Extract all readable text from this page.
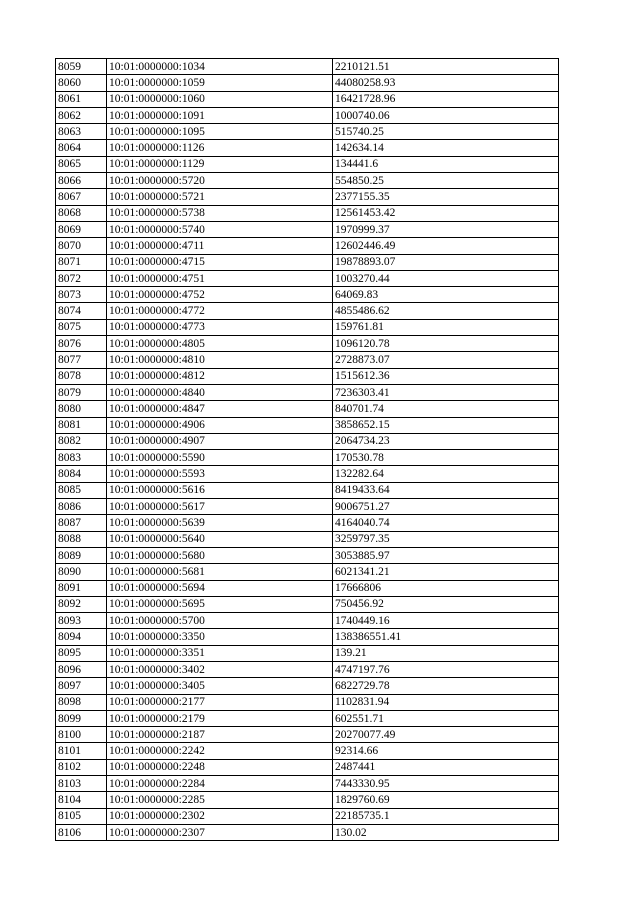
8059	10:01:0000000:1034	2210121.51
8060	10:01:0000000:1059	44080258.93
8061	10:01:0000000:1060	16421728.96
8062	10:01:0000000:1091	1000740.06
8063	10:01:0000000:1095	515740.25
8064	10:01:0000000:1126	142634.14
8065	10:01:0000000:1129	134441.6
8066	10:01:0000000:5720	554850.25
8067	10:01:0000000:5721	2377155.35
8068	10:01:0000000:5738	12561453.42
8069	10:01:0000000:5740	1970999.37
8070	10:01:0000000:4711	12602446.49
8071	10:01:0000000:4715	19878893.07
8072	10:01:0000000:4751	1003270.44
8073	10:01:0000000:4752	64069.83
8074	10:01:0000000:4772	4855486.62
8075	10:01:0000000:4773	159761.81
8076	10:01:0000000:4805	1096120.78
8077	10:01:0000000:4810	2728873.07
8078	10:01:0000000:4812	1515612.36
8079	10:01:0000000:4840	7236303.41
8080	10:01:0000000:4847	840701.74
8081	10:01:0000000:4906	3858652.15
8082	10:01:0000000:4907	2064734.23
8083	10:01:0000000:5590	170530.78
8084	10:01:0000000:5593	132282.64
8085	10:01:0000000:5616	8419433.64
8086	10:01:0000000:5617	9006751.27
8087	10:01:0000000:5639	4164040.74
8088	10:01:0000000:5640	3259797.35
8089	10:01:0000000:5680	3053885.97
8090	10:01:0000000:5681	6021341.21
8091	10:01:0000000:5694	17666806
8092	10:01:0000000:5695	750456.92
8093	10:01:0000000:5700	1740449.16
8094	10:01:0000000:3350	138386551.41
8095	10:01:0000000:3351	139.21
8096	10:01:0000000:3402	4747197.76
8097	10:01:0000000:3405	6822729.78
8098	10:01:0000000:2177	1102831.94
8099	10:01:0000000:2179	602551.71
8100	10:01:0000000:2187	20270077.49
8101	10:01:0000000:2242	92314.66
8102	10:01:0000000:2248	2487441
8103	10:01:0000000:2284	7443330.95
8104	10:01:0000000:2285	1829760.69
8105	10:01:0000000:2302	22185735.1
8106	10:01:0000000:2307	130.02
